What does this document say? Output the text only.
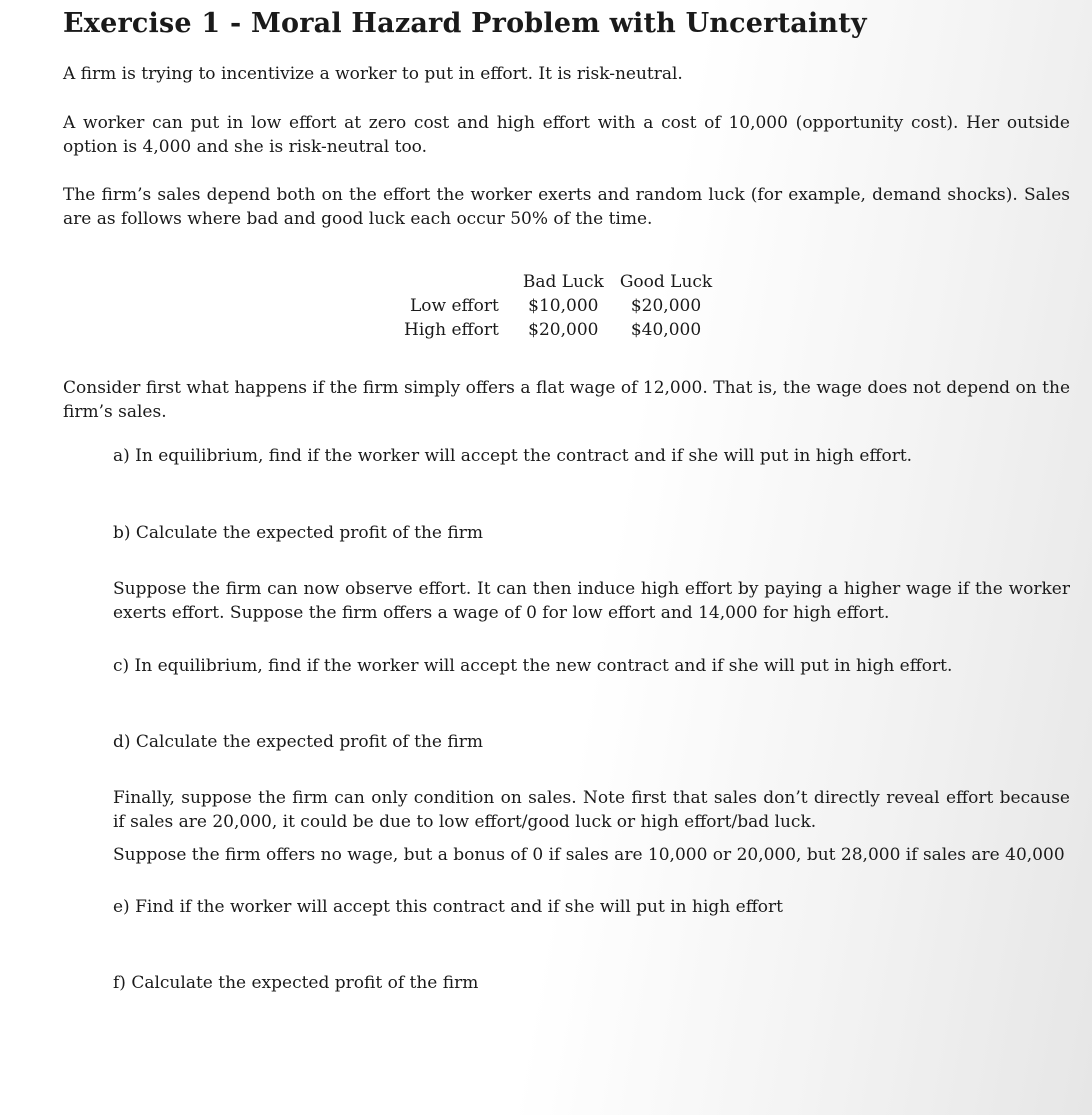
Exercise 1 - Moral Hazard Problem with Uncertainty

A firm is trying to incentivize a worker to put in effort. It is risk-neutral.

A worker can put in low effort at zero cost and high effort with a cost of 10,000 (opportunity cost). Her outside option is 4,000 and she is risk-neutral too.

The firm’s sales depend both on the effort the worker exerts and random luck (for example, demand shocks). Sales are as follows where bad and good luck each occur 50% of the time.

	Bad Luck	Good Luck
Low effort	$10,000	$20,000
High effort	$20,000	$40,000

Consider first what happens if the firm simply offers a flat wage of 12,000. That is, the wage does not depend on the firm’s sales.

a) In equilibrium, find if the worker will accept the contract and if she will put in high effort.

b) Calculate the expected profit of the firm

Suppose the firm can now observe effort. It can then induce high effort by paying a higher wage if the worker exerts effort. Suppose the firm offers a wage of 0 for low effort and 14,000 for high effort.

c) In equilibrium, find if the worker will accept the new contract and if she will put in high effort.

d) Calculate the expected profit of the firm

Finally, suppose the firm can only condition on sales. Note first that sales don’t directly reveal effort because if sales are 20,000, it could be due to low effort/good luck or high effort/bad luck.

Suppose the firm offers no wage, but a bonus of 0 if sales are 10,000 or 20,000, but 28,000 if sales are 40,000

e) Find if the worker will accept this contract and if she will put in high effort

f) Calculate the expected profit of the firm
